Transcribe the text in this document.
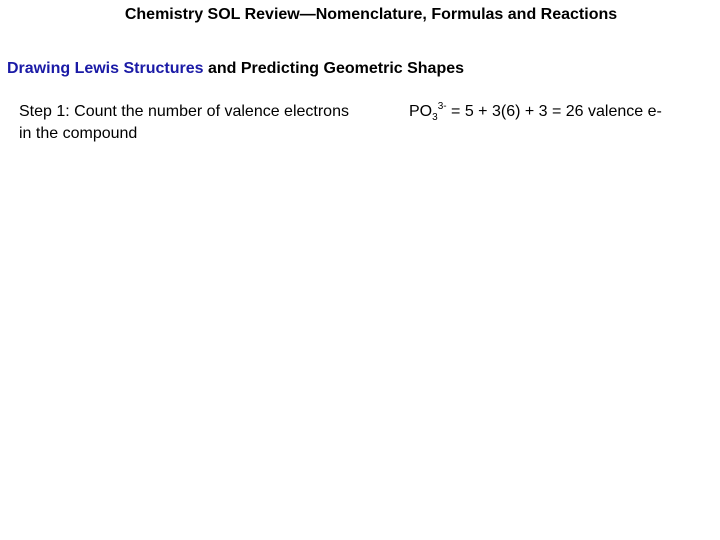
Chemistry SOL Review—Nomenclature, Formulas and Reactions
Drawing Lewis Structures and Predicting Geometric Shapes
Step 1: Count the number of valence electrons
in the compound
$PO_3^{3-} = 5 + 3(6) + 3 = 26$ valence e-
